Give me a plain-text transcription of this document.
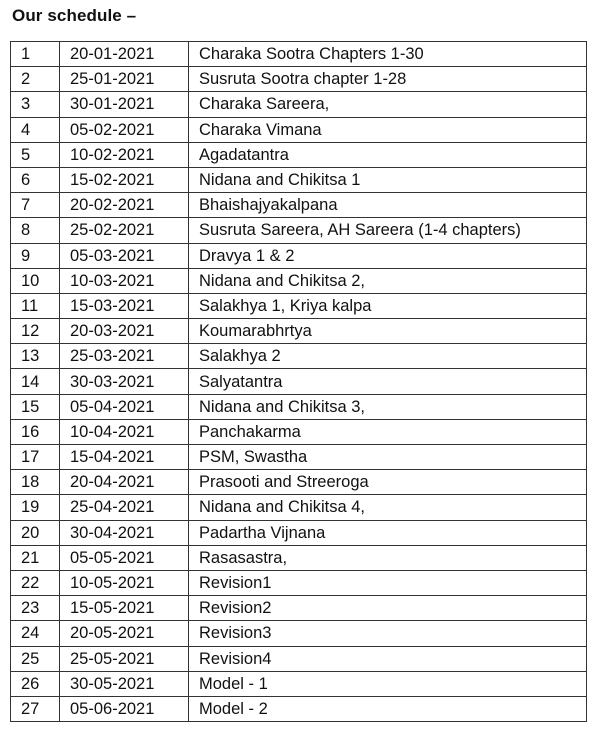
Our schedule –
1	20-01-2021	Charaka Sootra Chapters 1-30
2	25-01-2021	Susruta Sootra chapter 1-28
3	30-01-2021	Charaka Sareera,
4	05-02-2021	Charaka Vimana
5	10-02-2021	Agadatantra
6	15-02-2021	Nidana and Chikitsa 1
7	20-02-2021	Bhaishajyakalpana
8	25-02-2021	Susruta Sareera, AH Sareera (1-4 chapters)
9	05-03-2021	Dravya 1 & 2
10	10-03-2021	Nidana and Chikitsa 2,
11	15-03-2021	Salakhya 1, Kriya kalpa
12	20-03-2021	Koumarabhrtya
13	25-03-2021	Salakhya 2
14	30-03-2021	Salyatantra
15	05-04-2021	Nidana and Chikitsa 3,
16	10-04-2021	Panchakarma
17	15-04-2021	PSM, Swastha
18	20-04-2021	Prasooti and Streeroga
19	25-04-2021	Nidana and Chikitsa 4,
20	30-04-2021	Padartha Vijnana
21	05-05-2021	Rasasastra,
22	10-05-2021	Revision1
23	15-05-2021	Revision2
24	20-05-2021	Revision3
25	25-05-2021	Revision4
26	30-05-2021	Model - 1
27	05-06-2021	Model - 2
